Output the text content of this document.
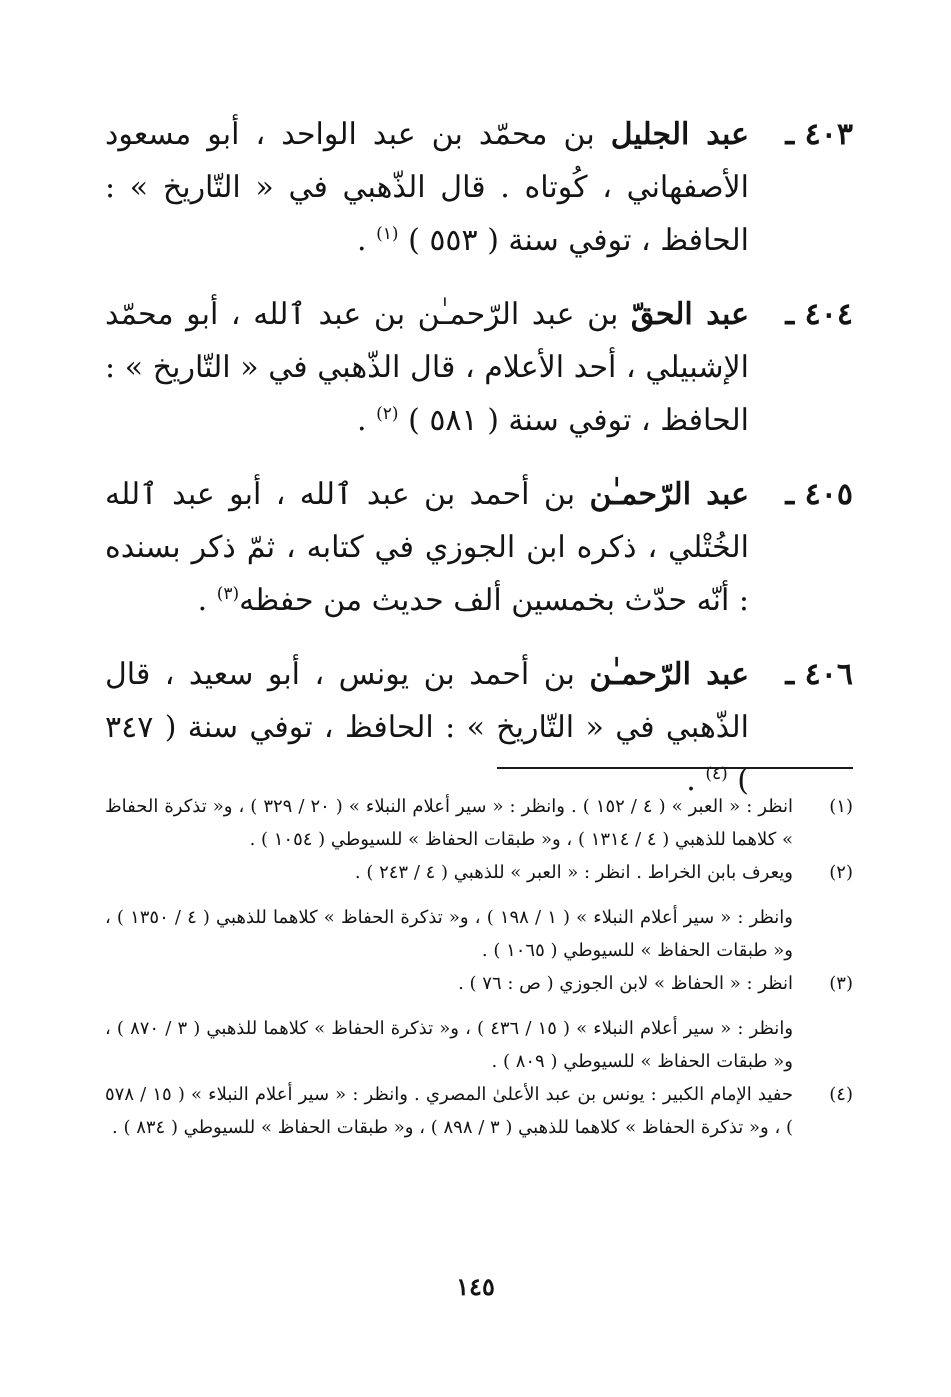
٤٠٣ ـ
عبد الجليل بن محمّد بن عبد الواحد ، أبو مسعود الأصفهاني ، كُوتاه . قال الذّهبي في « التّاريخ » : الحافظ ، توفي سنة ( ٥٥٣ ) $^{(١)}$ .
٤٠٤ ـ
عبد الحقّ بن عبد الرّحمـٰن بن عبد ٱلله ، أبو محمّد الإشبيلي ، أحد الأعلام ، قال الذّهبي في « التّاريخ » : الحافظ ، توفي سنة ( ٥٨١ ) $^{(٢)}$ .
٤٠٥ ـ
عبد الرّحمـٰن بن أحمد بن عبد ٱلله ، أبو عبد ٱلله الخُتْلي ، ذكره ابن الجوزي في كتابه ، ثمّ ذكر بسنده : أنّه حدّث بخمسين ألف حديث من حفظه$^{(٣)}$ .
٤٠٦ ـ
عبد الرّحمـٰن بن أحمد بن يونس ، أبو سعيد ، قال الذّهبي في « التّاريخ » : الحافظ ، توفي سنة ( ٣٤٧ ) $^{(٤)}$ .
(١)
انظر : « العبر » ( ٤ / ١٥٢ ) . وانظر : « سير أعلام النبلاء » ( ٢٠ / ٣٢٩ ) ، و« تذكرة الحفاظ » كلاهما للذهبي ( ٤ / ١٣١٤ ) ، و« طبقات الحفاظ » للسيوطي ( ١٠٥٤ ) .
(٢)
ويعرف بابن الخراط . انظر : « العبر » للذهبي ( ٤ / ٢٤٣ ) .
وانظر : « سير أعلام النبلاء » ( ١ / ١٩٨ ) ، و« تذكرة الحفاظ » كلاهما للذهبي ( ٤ / ١٣٥٠ ) ، و« طبقات الحفاظ » للسيوطي ( ١٠٦٥ ) .
(٣)
انظر : « الحفاظ » لابن الجوزي ( ص : ٧٦ ) .
وانظر : « سير أعلام النبلاء » ( ١٥ / ٤٣٦ ) ، و« تذكرة الحفاظ » كلاهما للذهبي ( ٣ / ٨٧٠ ) ، و« طبقات الحفاظ » للسيوطي ( ٨٠٩ ) .
(٤)
حفيد الإمام الكبير : يونس بن عبد الأعلىٰ المصري . وانظر : « سير أعلام النبلاء » ( ١٥ / ٥٧٨ ) ، و« تذكرة الحفاظ » كلاهما للذهبي ( ٣ / ٨٩٨ ) ، و« طبقات الحفاظ » للسيوطي ( ٨٣٤ ) .
١٤٥
